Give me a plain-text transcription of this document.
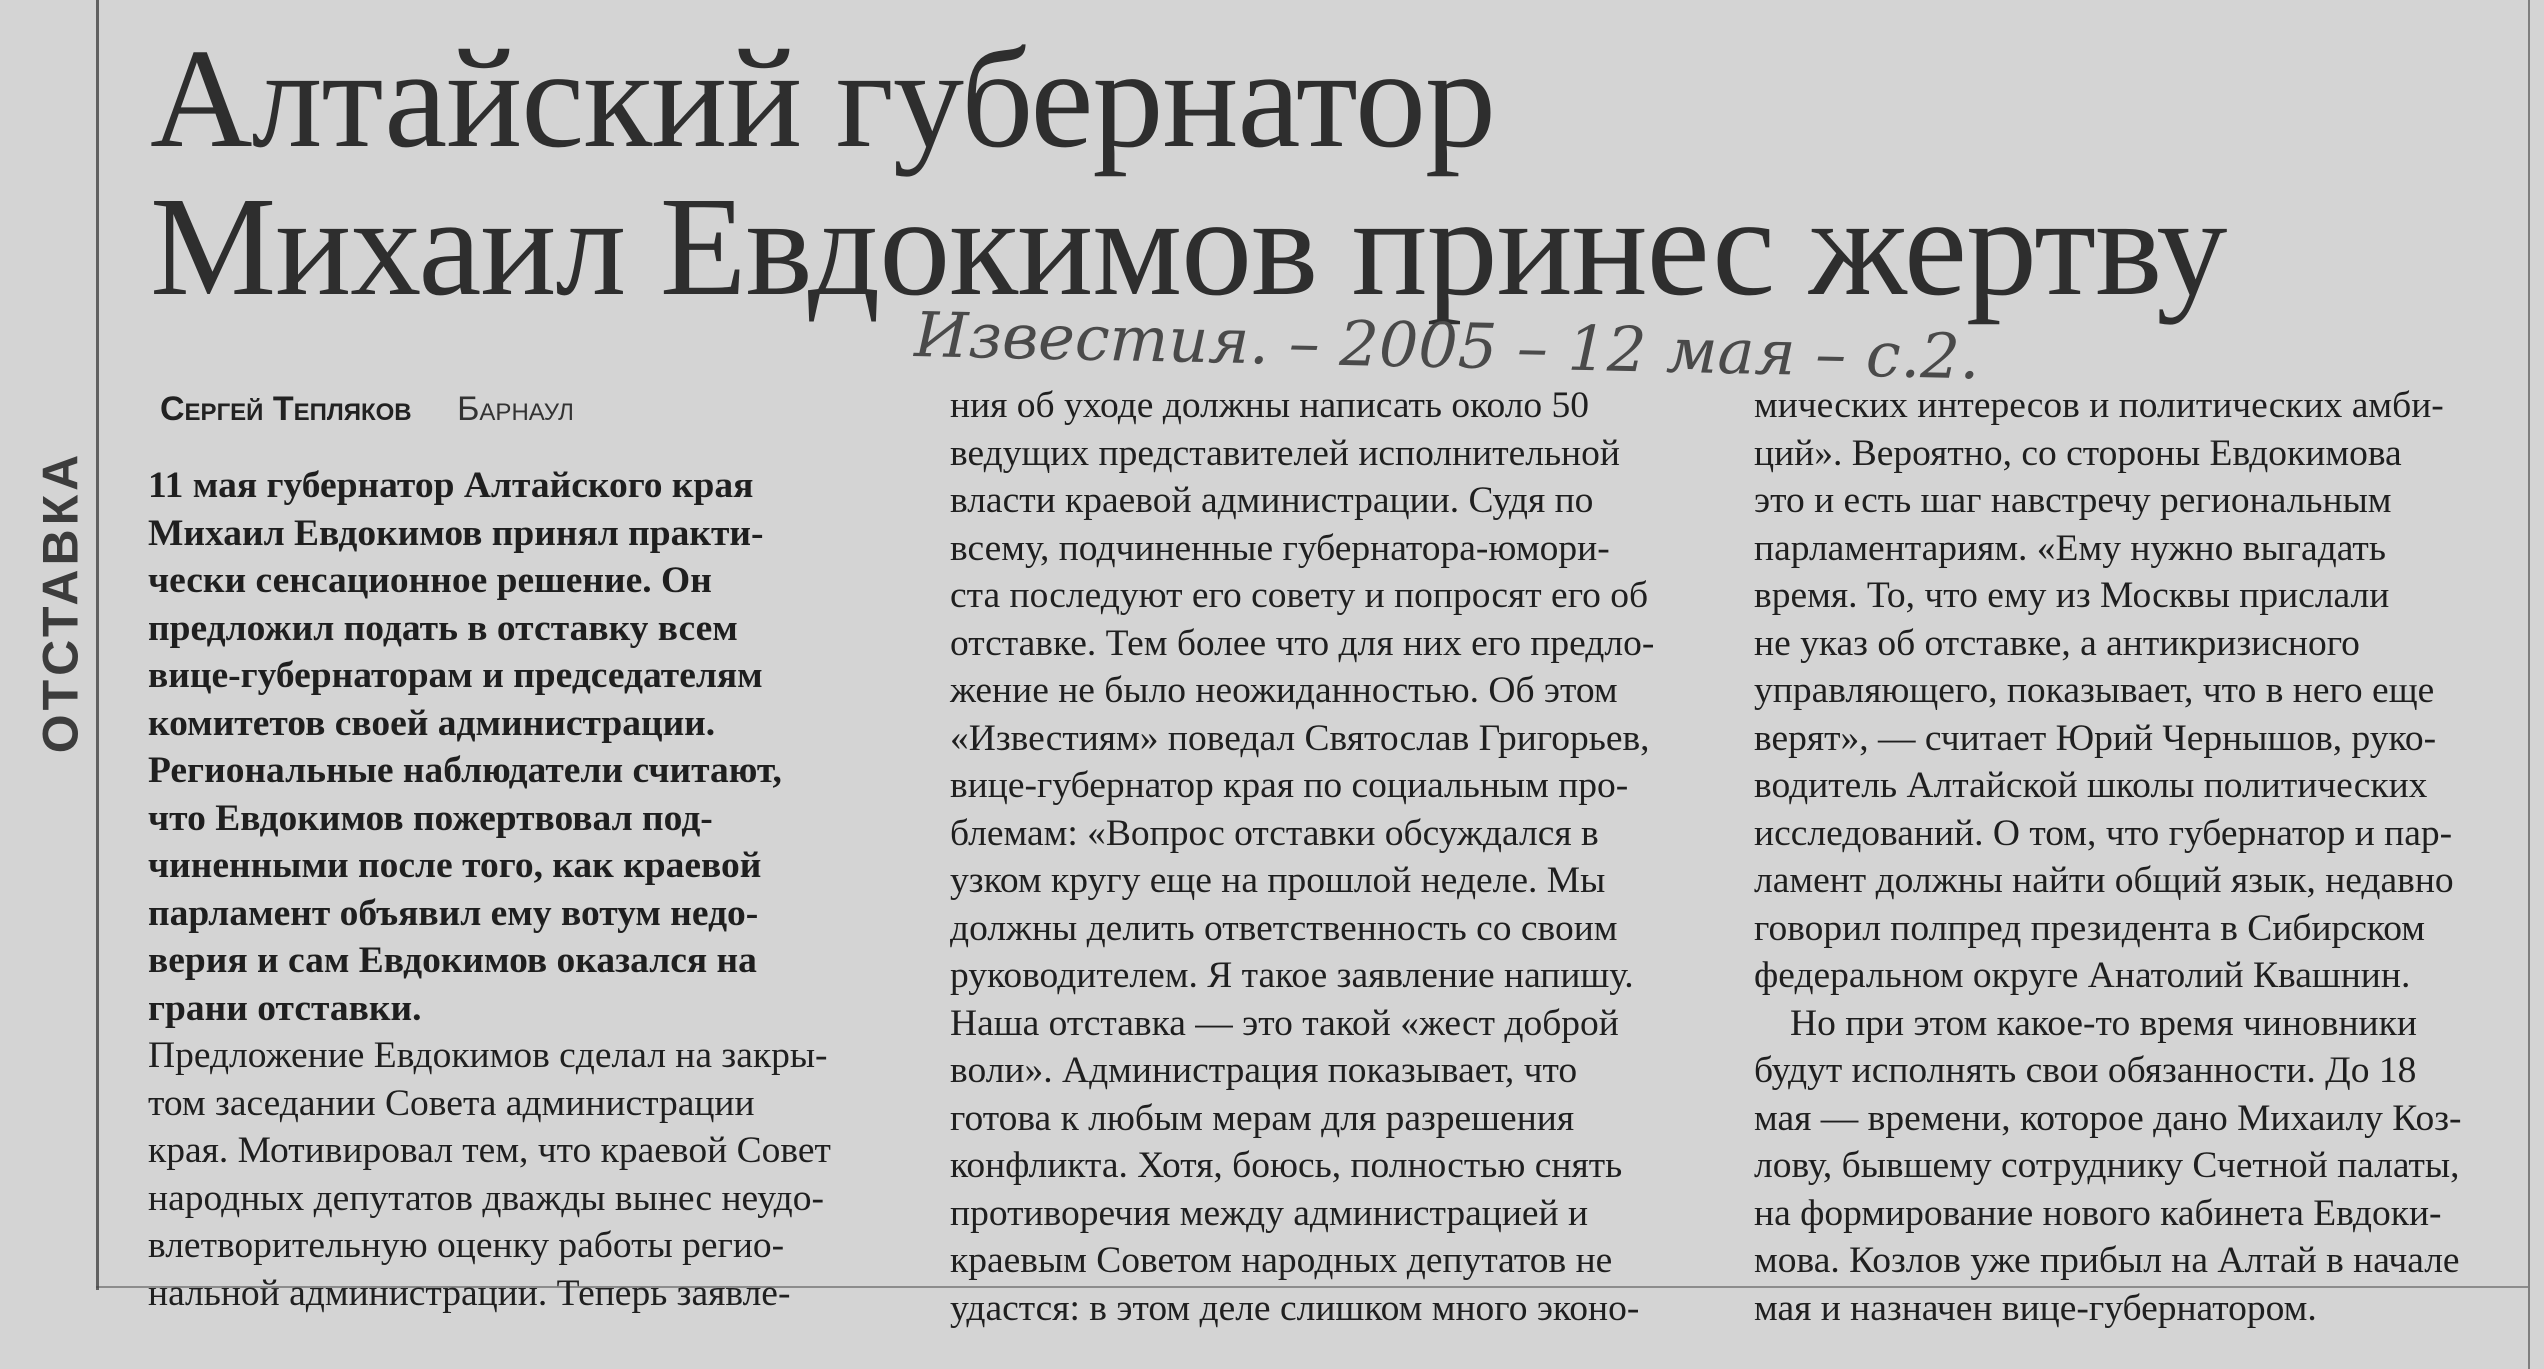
ОТСТАВКА
Алтайский губернатор
Михаил Евдокимов принес жертву
Известия. – 2005 – 12 мая – с.2.
Сергей Тепляков Барнаул

11 мая губернатор Алтайского края
Михаил Евдокимов принял практи-
чески сенсационное решение. Он
предложил подать в отставку всем
вице-губернаторам и председателям
комитетов своей администрации.
Региональные наблюдатели считают,
что Евдокимов пожертвовал под-
чиненными после того, как краевой
парламент объявил ему вотум недо-
верия и сам Евдокимов оказался на
грани отставки.

Предложение Евдокимов сделал на закры-
том заседании Совета администрации
края. Мотивировал тем, что краевой Совет
народных депутатов дважды вынес неудо-
влетворительную оценку работы регио-
нальной администрации. Теперь заявле-

ния об уходе должны написать около 50
ведущих представителей исполнительной
власти краевой администрации. Судя по
всему, подчиненные губернатора-юмори-
ста последуют его совету и попросят его об
отставке. Тем более что для них его предло-
жение не было неожиданностью. Об этом
«Известиям» поведал Святослав Григорьев,
вице-губернатор края по социальным про-
блемам: «Вопрос отставки обсуждался в
узком кругу еще на прошлой неделе. Мы
должны делить ответственность со своим
руководителем. Я такое заявление напишу.
Наша отставка — это такой «жест доброй
воли». Администрация показывает, что
готова к любым мерам для разрешения
конфликта. Хотя, боюсь, полностью снять
противоречия между администрацией и
краевым Советом народных депутатов не
удастся: в этом деле слишком много эконо-

мических интересов и политических амби-
ций». Вероятно, со стороны Евдокимова
это и есть шаг навстречу региональным
парламентариям. «Ему нужно выгадать
время. То, что ему из Москвы прислали
не указ об отставке, а антикризисного
управляющего, показывает, что в него еще
верят», — считает Юрий Чернышов, руко-
водитель Алтайской школы политических
исследований. О том, что губернатор и пар-
ламент должны найти общий язык, недавно
говорил полпред президента в Сибирском
федеральном округе Анатолий Квашнин.

Но при этом какое-то время чиновники
будут исполнять свои обязанности. До 18
мая — времени, которое дано Михаилу Коз-
лову, бывшему сотруднику Счетной палаты,
на формирование нового кабинета Евдоки-
мова. Козлов уже прибыл на Алтай в начале
мая и назначен вице-губернатором.
